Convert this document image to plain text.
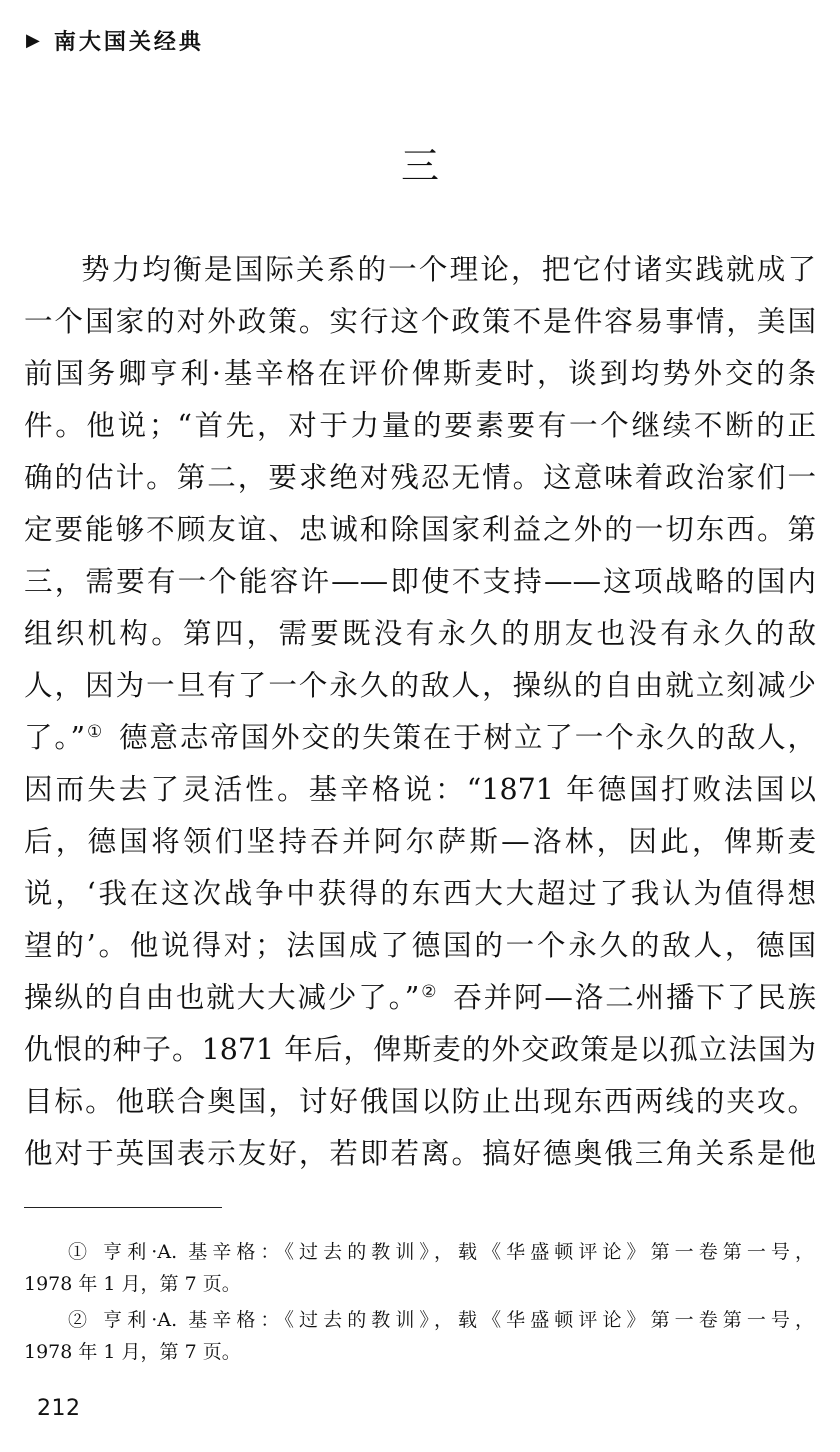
▶ 南大国关经典
三
势力均衡是国际关系的一个理论，把它付诸实践就成了
一个国家的对外政策。实行这个政策不是件容易事情，美国
前国务卿亨利·基辛格在评价俾斯麦时，谈到均势外交的条
件。他说；“首先，对于力量的要素要有一个继续不断的正
确的估计。第二，要求绝对残忍无情。这意味着政治家们一
定要能够不顾友谊、忠诚和除国家利益之外的一切东西。第
三，需要有一个能容许——即使不支持——这项战略的国内
组织机构。第四，需要既没有永久的朋友也没有永久的敌
人，因为一旦有了一个永久的敌人，操纵的自由就立刻减少
了。”① 德意志帝国外交的失策在于树立了一个永久的敌人，
因而失去了灵活性。基辛格说：“1871 年德国打败法国以
后，德国将领们坚持吞并阿尔萨斯—洛林，因此，俾斯麦
说，‘我在这次战争中获得的东西大大超过了我认为值得想
望的’。他说得对；法国成了德国的一个永久的敌人，德国
操纵的自由也就大大减少了。”② 吞并阿—洛二州播下了民族
仇恨的种子。1871 年后，俾斯麦的外交政策是以孤立法国为
目标。他联合奥国，讨好俄国以防止出现东西两线的夹攻。
他对于英国表示友好，若即若离。搞好德奥俄三角关系是他
① 亨利·A. 基辛格：《过去的教训》，载《华盛顿评论》第一卷第一号，
1978 年 1 月，第 7 页。
② 亨利·A. 基辛格：《过去的教训》，载《华盛顿评论》第一卷第一号，
1978 年 1 月，第 7 页。
212
